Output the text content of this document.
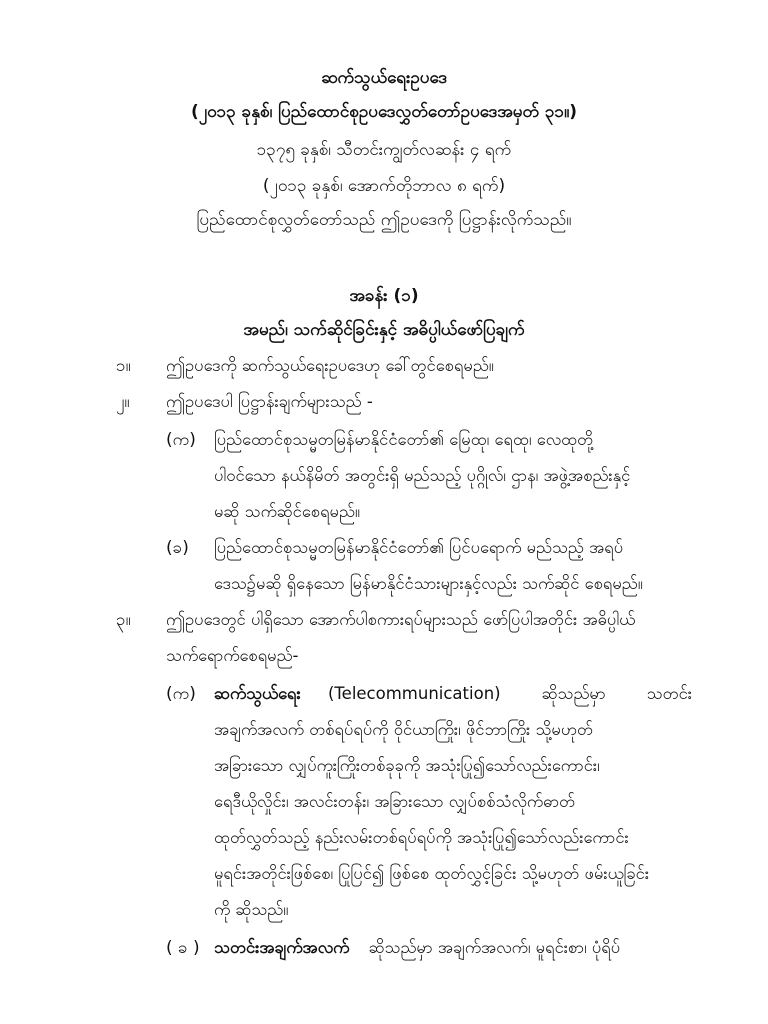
ဆက်သွယ်ရေးဥပဒေ
(၂၀၁၃ ခုနှစ်၊ ပြည်ထောင်စုဥပဒေလွှတ်တော်ဥပဒေအမှတ် ၃၁။)
၁၃၇၅ ခုနှစ်၊ သီတင်းကျွတ်လဆန်း ၄ ရက်
(၂၀၁၃ ခုနှစ်၊ အောက်တိုဘာလ ၈ ရက်)
ပြည်ထောင်စုလွှတ်တော်သည် ဤဥပဒေကို ပြဋ္ဌာန်းလိုက်သည်။
အခန်း (၁)
အမည်၊ သက်ဆိုင်ခြင်းနှင့် အဓိပ္ပါယ်ဖော်ပြချက်
၁။ ဤဥပဒေကို ဆက်သွယ်ရေးဥပဒေဟု ခေါ်တွင်စေရမည်။
၂။ ဤဥပဒေပါ ပြဋ္ဌာန်းချက်များသည် -
(က) ပြည်ထောင်စုသမ္မတမြန်မာနိုင်ငံတော်၏ မြေထု၊ ရေထု၊ လေထုတို့
ပါဝင်သော နယ်နိမိတ် အတွင်းရှိ မည်သည့် ပုဂ္ဂိုလ်၊ ဌာန၊ အဖွဲ့အစည်းနှင့်
မဆို သက်ဆိုင်စေရမည်။
(ခ) ပြည်ထောင်စုသမ္မတမြန်မာနိုင်ငံတော်၏ ပြင်ပရောက် မည်သည့် အရပ်
ဒေသ၌မဆို ရှိနေသော မြန်မာနိုင်ငံသားများနှင့်လည်း သက်ဆိုင် စေရမည်။
၃။ ဤဥပဒေတွင် ပါရှိသော အောက်ပါစကားရပ်များသည် ဖော်ပြပါအတိုင်း အဓိပ္ပါယ်
သက်ရောက်စေရမည်-
(က) ဆက်သွယ်ရေး (Telecommunication) ဆိုသည်မှာ သတင်း
အချက်အလက် တစ်ရပ်ရပ်ကို ဝိုင်ယာကြိုး၊ ဖိုင်ဘာကြိုး သို့မဟုတ်
အခြားသော လျှပ်ကူးကြိုးတစ်ခုခုကို အသုံးပြု၍သော်လည်းကောင်း၊
ရေဒီယိုလှိုင်း၊ အလင်းတန်း၊ အခြားသော လျှပ်စစ်သံလိုက်ဓာတ်
ထုတ်လွှတ်သည့် နည်းလမ်းတစ်ရပ်ရပ်ကို အသုံးပြု၍သော်လည်းကောင်း
မူရင်းအတိုင်းဖြစ်စေ၊ ပြုပြင်၍ ဖြစ်စေ ထုတ်လွှင့်ခြင်း သို့မဟုတ် ဖမ်းယူခြင်း
ကို ဆိုသည်။
( ခ ) သတင်းအချက်အလက် ဆိုသည်မှာ အချက်အလက်၊ မူရင်းစာ၊ ပုံရိပ်
